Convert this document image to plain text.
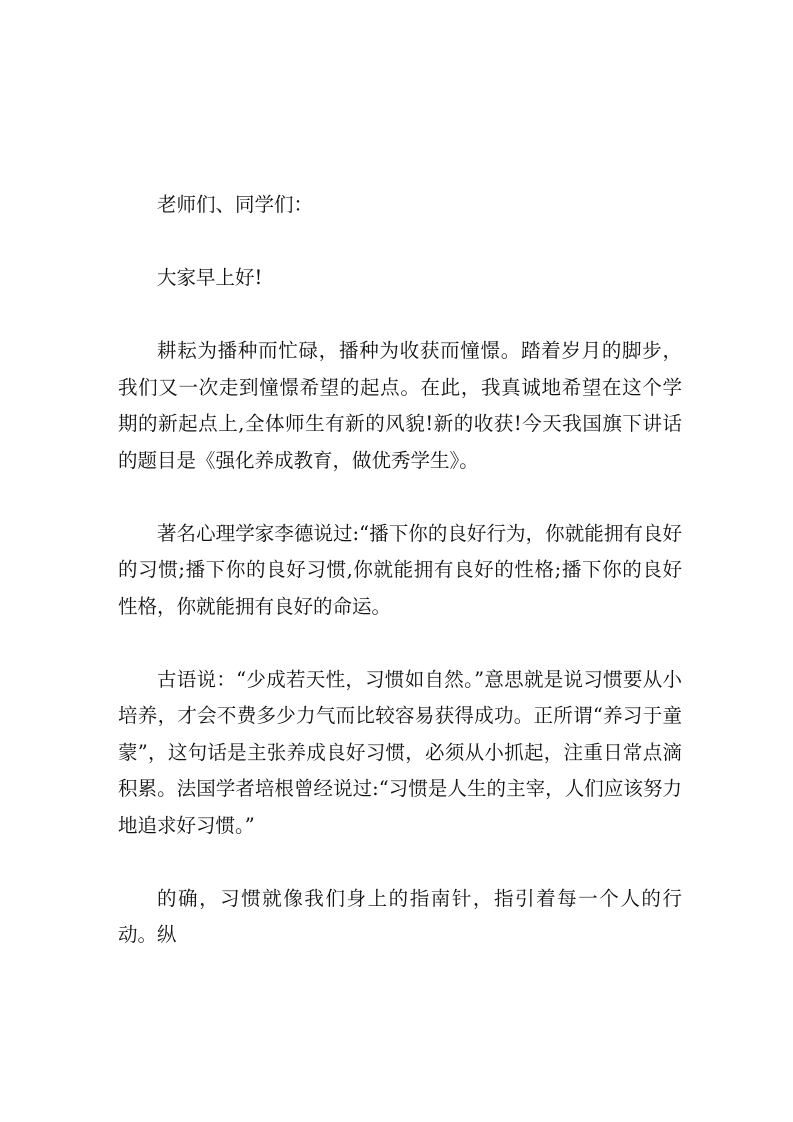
老师们、同学们：

大家早上好!

耕耘为播种而忙碌，播种为收获而憧憬。踏着岁月的脚步，我们又一次走到憧憬希望的起点。在此，我真诚地希望在这个学期的新起点上,全体师生有新的风貌!新的收获!今天我国旗下讲话的题目是《强化养成教育，做优秀学生》。

著名心理学家李德说过:“播下你的良好行为，你就能拥有良好的习惯;播下你的良好习惯,你就能拥有良好的性格;播下你的良好性格，你就能拥有良好的命运。

古语说：“少成若天性，习惯如自然。”意思就是说习惯要从小培养，才会不费多少力气而比较容易获得成功。正所谓“养习于童蒙”，这句话是主张养成良好习惯，必须从小抓起，注重日常点滴积累。法国学者培根曾经说过:“习惯是人生的主宰，人们应该努力地追求好习惯。”

的确，习惯就像我们身上的指南针，指引着每一个人的行动。纵
